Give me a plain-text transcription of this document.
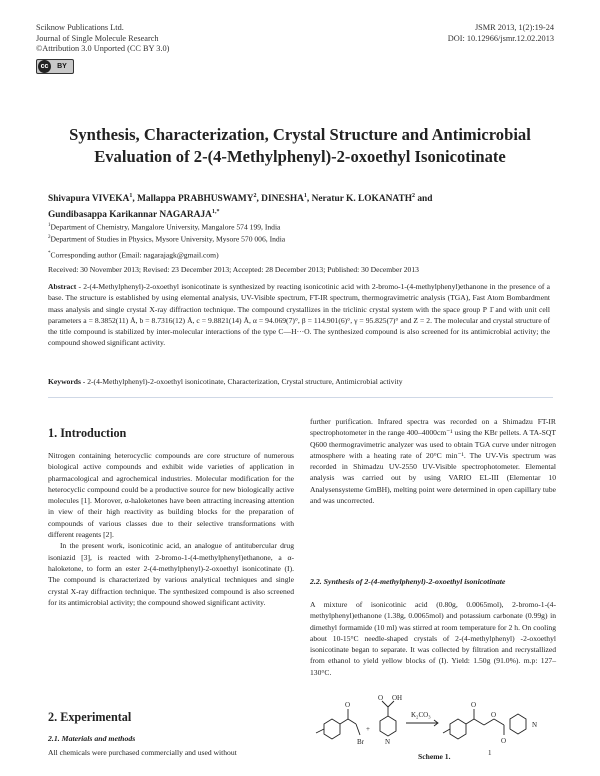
Sciknow Publications Ltd.
Journal of Single Molecule Research
©Attribution 3.0 Unported (CC BY 3.0)
JSMR 2013, 1(2):19-24
DOI: 10.12966/jsmr.12.02.2013
cc	BY
Synthesis, Characterization, Crystal Structure and Antimicrobial
Evaluation of 2-(4-Methylphenyl)-2-oxoethyl Isonicotinate
Shivapura VIVEKA$^1$, Mallappa PRABHUSWAMY$^2$, DINESHA$^1$, Neratur K. LOKANATH$^2$ and
Gundibasappa Karikannar $NAGARAJA^{1,*}$
$^1$Department of Chemistry, Mangalore University, Mangalore 574 199, India
$^2$Department of Studies in Physics, Mysore University, Mysore 570 006, India
*Corresponding author (Email: nagarajagk@gmail.com)
Received: 30 November 2013; Revised: 23 December 2013; Accepted: 28 December 2013; Published: 30 December 2013
Abstract - 2-(4-Methylphenyl)-2-oxoethyl isonicotinate is synthesized by reacting isonicotinic acid with 2-bromo-1-(4-methylphenyl)ethanone in the presence of a base. The structure is established by using elemental analysis, UV-Visible spectrum, FT-IR spectrum, thermogravimetric analysis (TGA), Fast Atom Bombardment mass analysis and single crystal X-ray diffraction technique. The compound crystallizes in the triclinic crystal system with the space group P 1̄ and with unit cell parameters a = 8.3852(11) Å, b = 8.7316(12) Å, c = 9.8821(14) Å, α = 94.069(7)°, β = 114.901(6)°, γ = 95.825(7)° and Z = 2. The molecular and crystal structure of the title compound is stabilized by inter-molecular interactions of the type C—H···O. The synthesized compound is also screened for its antimicrobial activity; the compound showed significant activity.
Keywords - 2-(4-Methylphenyl)-2-oxoethyl isonicotinate, Characterization, Crystal structure, Antimicrobial activity
1. Introduction

Nitrogen containing heterocyclic compounds are core structure of numerous biological active compounds and exhibit wide varieties of application in pharmacological and agrochemical industries. Molecular modification for the heterocyclic compound could be a productive source for new biologically active molecules [1]. Morover, α-haloketones have been attracting increasing attention in view of their high reactivity as building blocks for the preparation of compounds of various classes due to their selective transformations with different reagents [2].

In the present work, isonicotinic acid, an analogue of antitubercular drug isoniazid [3], is reacted with 2-bromo-1-(4-methylphenyl)ethanone, a α-haloketone, to form an ester 2-(4-methylphenyl)-2-oxoethyl isonicotinate (I). The compound is characterized by various analytical techniques and single crystal X-ray diffraction technique. The synthesized compound is also screened for its antimicrobial activity; the compound showed significant activity.

2. Experimental
2.1. Materials and methods
All chemicals were purchased commercially and used without
further purification. Infrared spectra was recorded on a Shimadzu FT-IR spectrophotometer in the range 400–4000cm⁻¹ using the KBr pellets. A TA-SQT Q600 thermogravimetric analyzer was used to obtain TGA curve under nitrogen atmosphere with a heating rate of 20°C min⁻¹. The UV-Vis spectrum was recorded in Shimadzu UV-2550 UV-Visible spectrophotometer. Elemental analysis was carried out by using VARIO EL-III (Elementar 10 Analysensysteme GmBH), melting point were determined in open capillary tube and was uncorrected.
2.2. Synthesis of 2-(4-methylphenyl)-2-oxoethyl isonicotinate
A mixture of isonicotinic acid (0.80g, 0.0065mol), 2-bromo-1-(4-methylphenyl)ethanone (1.38g, 0.0065mol) and potassium carbonate (0.99g) in dimethyl formamide (10 ml) was stirred at room temperature for 2 h. On cooling about 10-15°C needle-shaped crystals of 2-(4-methylphenyl) -2-oxoethyl isonicotinate began to separate. It was collected by filtration and recrystallized from ethanol to yield yellow blocks of (I). Yield: 1.50g (91.0%). m.p: 127–130°C.
+
Br
O
O OH
N
K₂CO₃
O
O
O
N
1
Scheme 1.
